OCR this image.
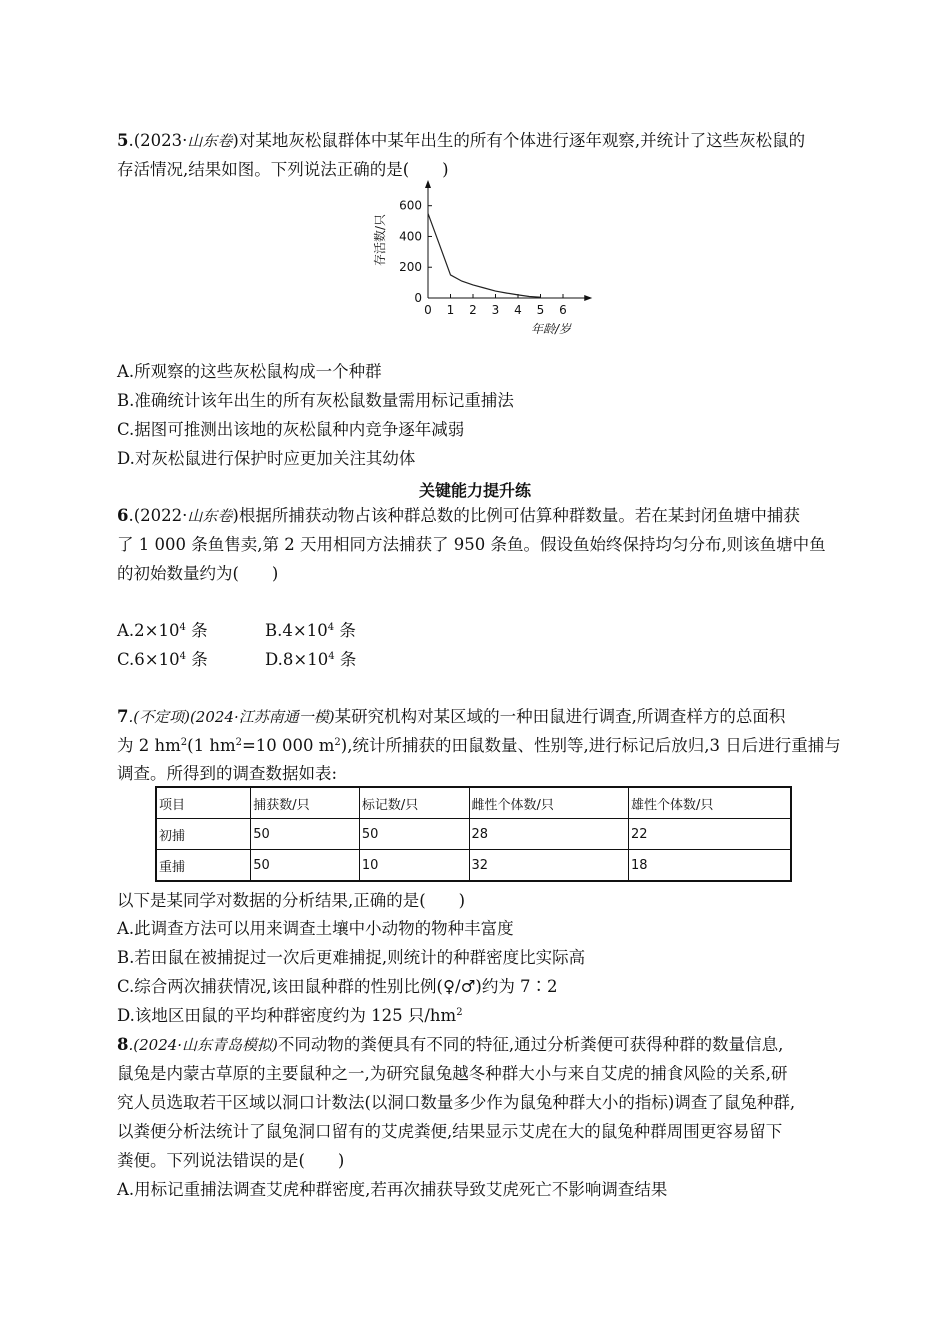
5.(2023·山东卷)对某地灰松鼠群体中某年出生的所有个体进行逐年观察,并统计了这些灰松鼠的
存活情况,结果如图。下列说法正确的是(　　)
0 1 2 3 4 5 6
0
200
400
600
年龄/岁
存活数/只
A.所观察的这些灰松鼠构成一个种群
B.准确统计该年出生的所有灰松鼠数量需用标记重捕法
C.据图可推测出该地的灰松鼠种内竞争逐年减弱
D.对灰松鼠进行保护时应更加关注其幼体
关键能力提升练
6.(2022·山东卷)根据所捕获动物占该种群总数的比例可估算种群数量。若在某封闭鱼塘中捕获
了 1 000 条鱼售卖,第 2 天用相同方法捕获了 950 条鱼。假设鱼始终保持均匀分布,则该鱼塘中鱼
的初始数量约为(　　)
$A.2\times 10^4$ 条	$B.4\times 10^4$ 条
$C.6\times 10^4$ 条	$D.8\times 10^4$ 条
7.(不定项)(2024·江苏南通一模)某研究机构对某区域的一种田鼠进行调查,所调查样方的总面积
为 2 $hm^2(1$ $hm^2=10$ 000 $m^2$),统计所捕获的田鼠数量、性别等,进行标记后放归,3 日后进行重捕与
调查。所得到的调查数据如表:
项目	捕获数/只	标记数/只	雌性个体数/只	雄性个体数/只
初捕	50	50	28	22
重捕	50	10	32	18
以下是某同学对数据的分析结果,正确的是(　　)
A.此调查方法可以用来调查土壤中小动物的物种丰富度
B.若田鼠在被捕捉过一次后更难捕捉,则统计的种群密度比实际高
C.综合两次捕获情况,该田鼠种群的性别比例(♀/♂)约为 7∶2
D.该地区田鼠的平均种群密度约为 125 只$/hm^2$
8.(2024·山东青岛模拟)不同动物的粪便具有不同的特征,通过分析粪便可获得种群的数量信息,
鼠兔是内蒙古草原的主要鼠种之一,为研究鼠兔越冬种群大小与来自艾虎的捕食风险的关系,研
究人员选取若干区域以洞口计数法(以洞口数量多少作为鼠兔种群大小的指标)调查了鼠兔种群,
以粪便分析法统计了鼠兔洞口留有的艾虎粪便,结果显示艾虎在大的鼠兔种群周围更容易留下
粪便。下列说法错误的是(　　)
A.用标记重捕法调查艾虎种群密度,若再次捕获导致艾虎死亡不影响调查结果
